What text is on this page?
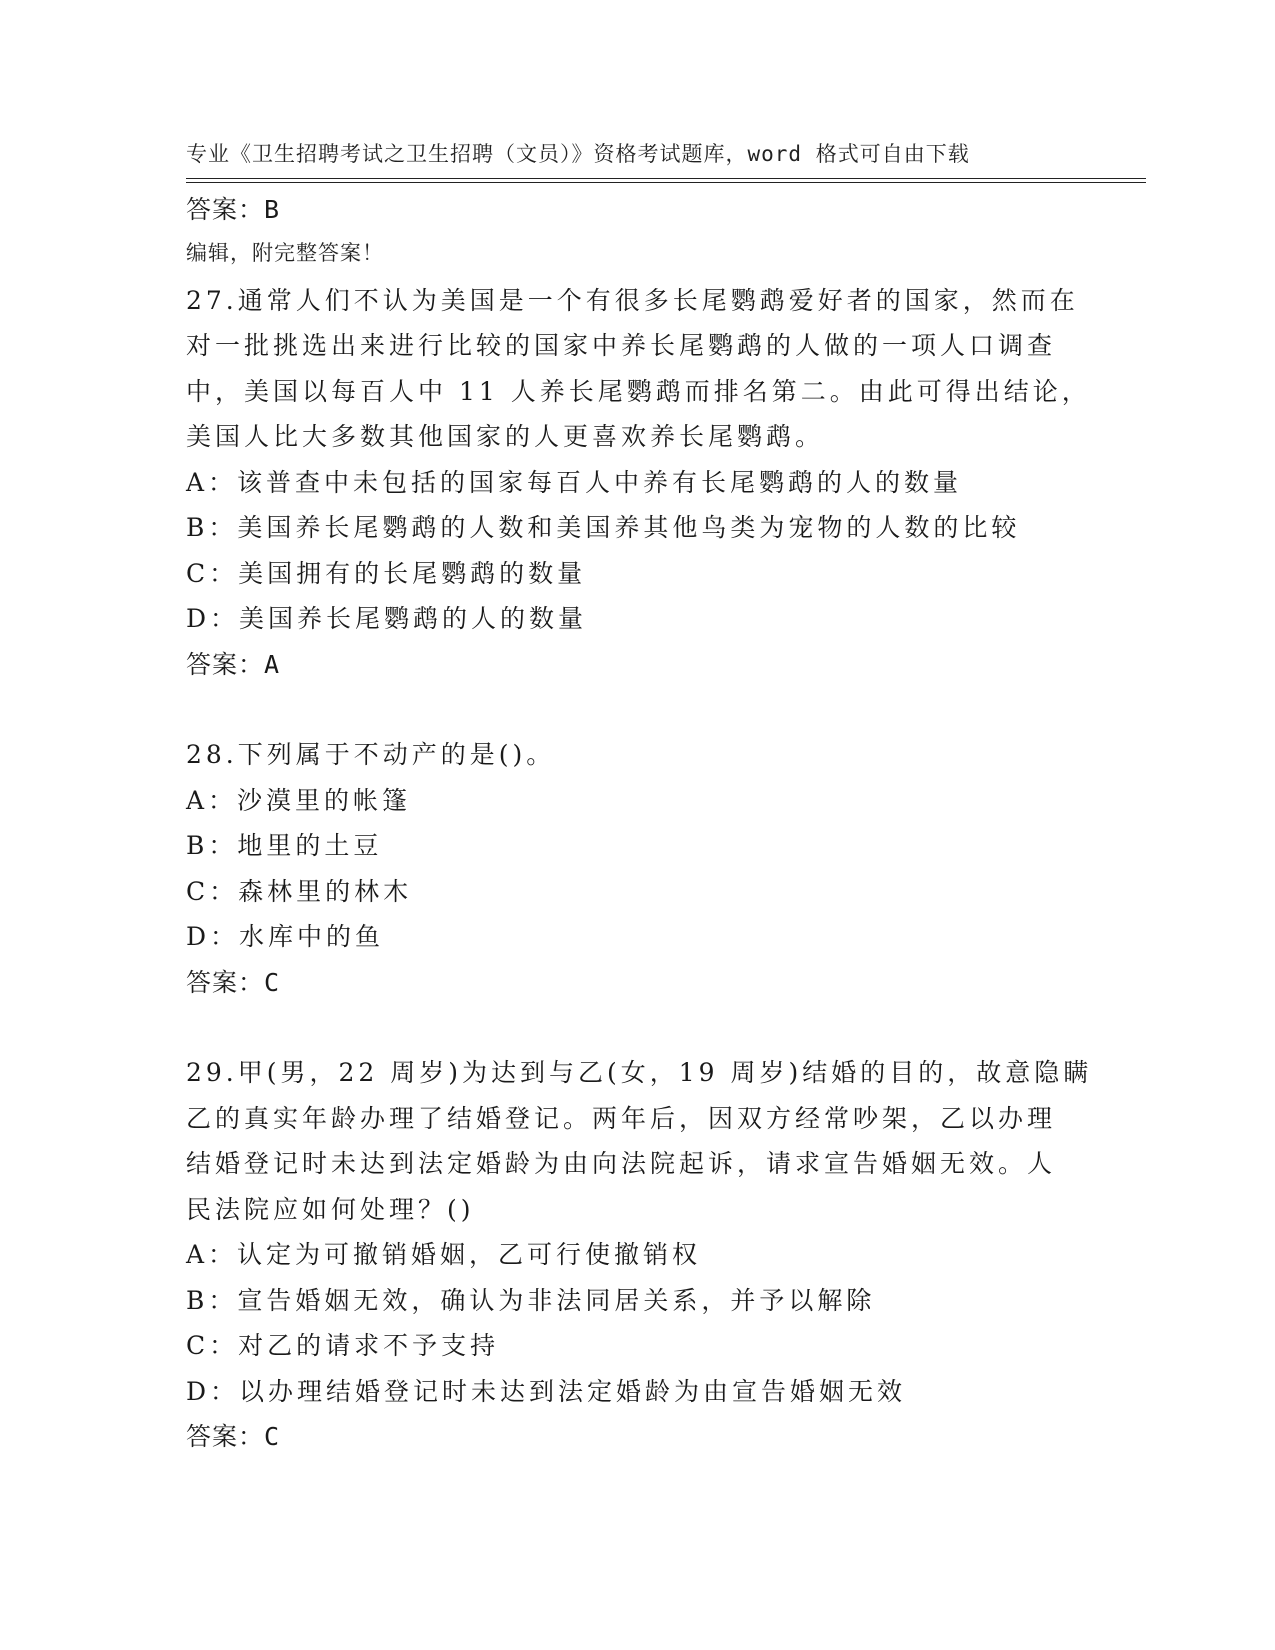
专业《卫生招聘考试之卫生招聘（文员）》资格考试题库，word 格式可自由下载

编辑，附完整答案！

答案：B
27.通常人们不认为美国是一个有很多长尾鹦鹉爱好者的国家，然而在
对一批挑选出来进行比较的国家中养长尾鹦鹉的人做的一项人口调查
中，美国以每百人中 11 人养长尾鹦鹉而排名第二。由此可得出结论，
美国人比大多数其他国家的人更喜欢养长尾鹦鹉。
A：该普查中未包括的国家每百人中养有长尾鹦鹉的人的数量
B：美国养长尾鹦鹉的人数和美国养其他鸟类为宠物的人数的比较
C：美国拥有的长尾鹦鹉的数量
D：美国养长尾鹦鹉的人的数量
答案：A
28.下列属于不动产的是()。
A：沙漠里的帐篷
B：地里的土豆
C：森林里的林木
D：水库中的鱼
答案：C
29.甲(男，22 周岁)为达到与乙(女，19 周岁)结婚的目的，故意隐瞒
乙的真实年龄办理了结婚登记。两年后，因双方经常吵架，乙以办理
结婚登记时未达到法定婚龄为由向法院起诉，请求宣告婚姻无效。人
民法院应如何处理？()
A：认定为可撤销婚姻，乙可行使撤销权
B：宣告婚姻无效，确认为非法同居关系，并予以解除
C：对乙的请求不予支持
D：以办理结婚登记时未达到法定婚龄为由宣告婚姻无效
答案：C
